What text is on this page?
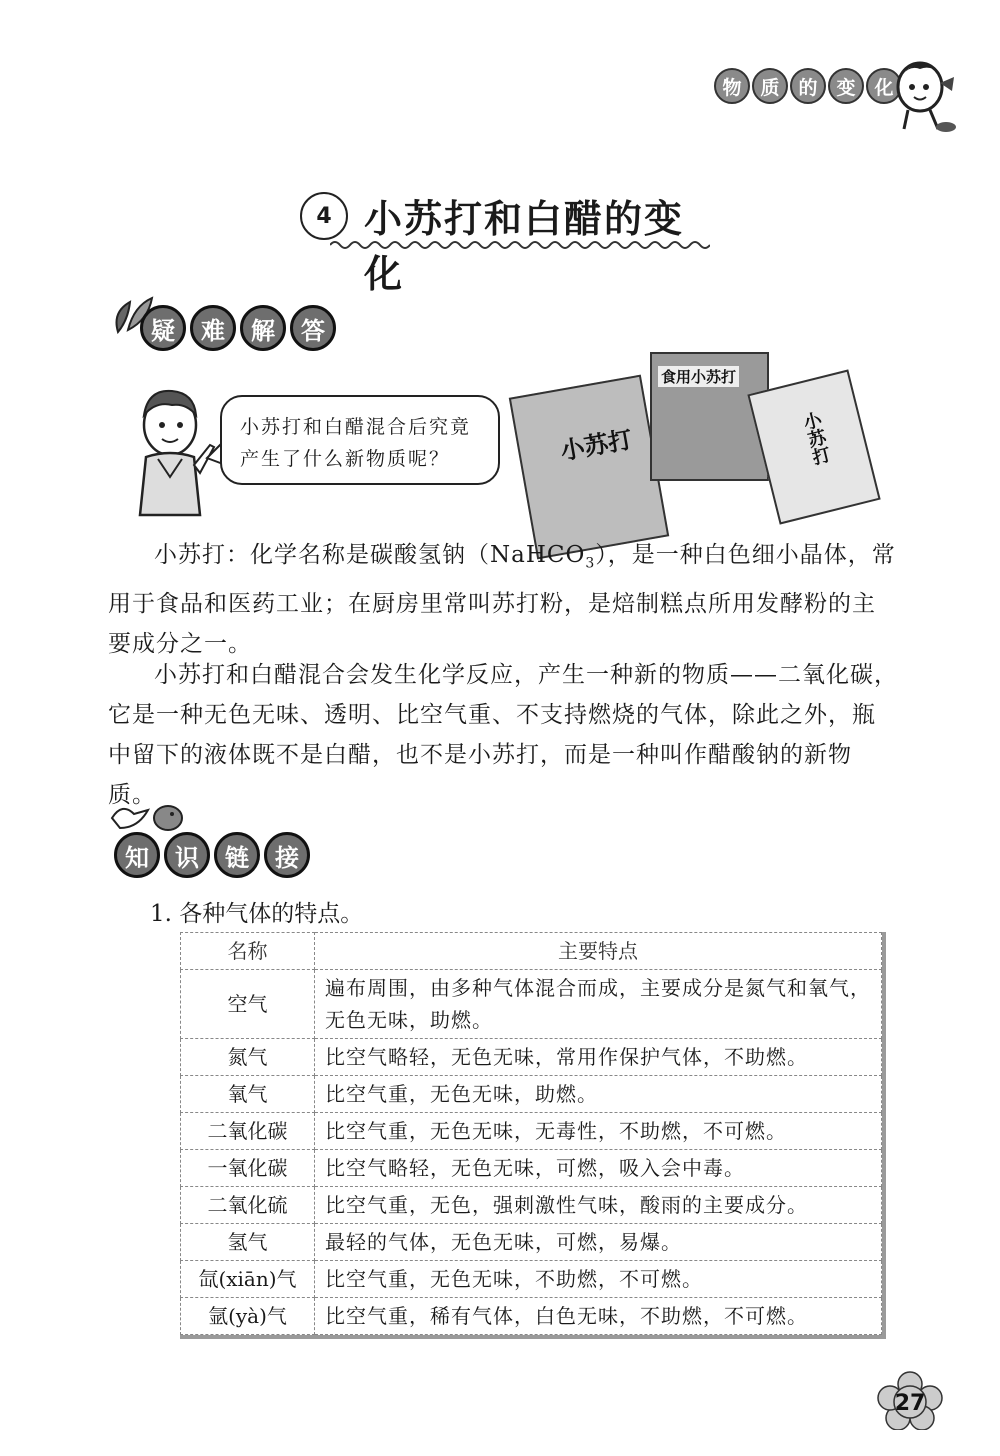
物 质 的 变 化
4 小苏打和白醋的变化
疑	难	解	答
小苏打和白醋混合后究竟
产生了什么新物质呢？	小苏打
食用小苏打
小苏打

小苏打：化学名称是碳酸氢钠（NaHCO$_3$），是一种白色细小晶体，常用于食品和医药工业；在厨房里常叫苏打粉，是焙制糕点所用发酵粉的主要成分之一。

小苏打和白醋混合会发生化学反应，产生一种新的物质——二氧化碳，它是一种无色无味、透明、比空气重、不支持燃烧的气体，除此之外，瓶中留下的液体既不是白醋，也不是小苏打，而是一种叫作醋酸钠的新物质。

知	识	链	接
1. 各种气体的特点。
名称	主要特点
空气	遍布周围，由多种气体混合而成，主要成分是氮气和氧气，无色无味，助燃。
氮气	比空气略轻，无色无味，常用作保护气体，不助燃。
氧气	比空气重，无色无味，助燃。
二氧化碳	比空气重，无色无味，无毒性，不助燃，不可燃。
一氧化碳	比空气略轻，无色无味，可燃，吸入会中毒。
二氧化硫	比空气重，无色，强刺激性气味，酸雨的主要成分。
氢气	最轻的气体，无色无味，可燃，易爆。
氙(xiān)气	比空气重，无色无味，不助燃，不可燃。
氩(yà)气	比空气重，稀有气体，白色无味，不助燃，不可燃。
27
